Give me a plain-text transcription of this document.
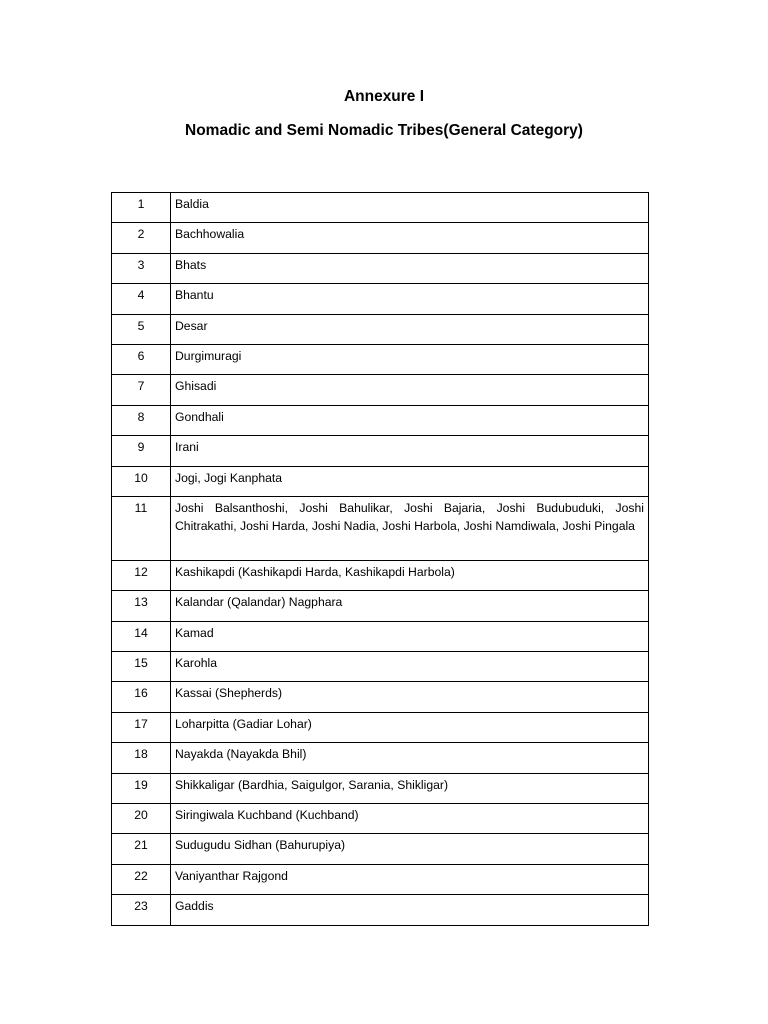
Annexure I
Nomadic and Semi Nomadic Tribes(General Category)
1	Baldia
2	Bachhowalia
3	Bhats
4	Bhantu
5	Desar
6	Durgimuragi
7	Ghisadi
8	Gondhali
9	Irani
10	Jogi, Jogi Kanphata
11	Joshi Balsanthoshi, Joshi Bahulikar, Joshi Bajaria, Joshi Budubuduki, Joshi Chitrakathi, Joshi Harda, Joshi Nadia, Joshi Harbola, Joshi Namdiwala, Joshi Pingala
12	Kashikapdi (Kashikapdi Harda, Kashikapdi Harbola)
13	Kalandar (Qalandar) Nagphara
14	Kamad
15	Karohla
16	Kassai (Shepherds)
17	Loharpitta (Gadiar Lohar)
18	Nayakda (Nayakda Bhil)
19	Shikkaligar (Bardhia, Saigulgor, Sarania, Shikligar)
20	Siringiwala Kuchband (Kuchband)
21	Sudugudu Sidhan (Bahurupiya)
22	Vaniyanthar Rajgond
23	Gaddis
